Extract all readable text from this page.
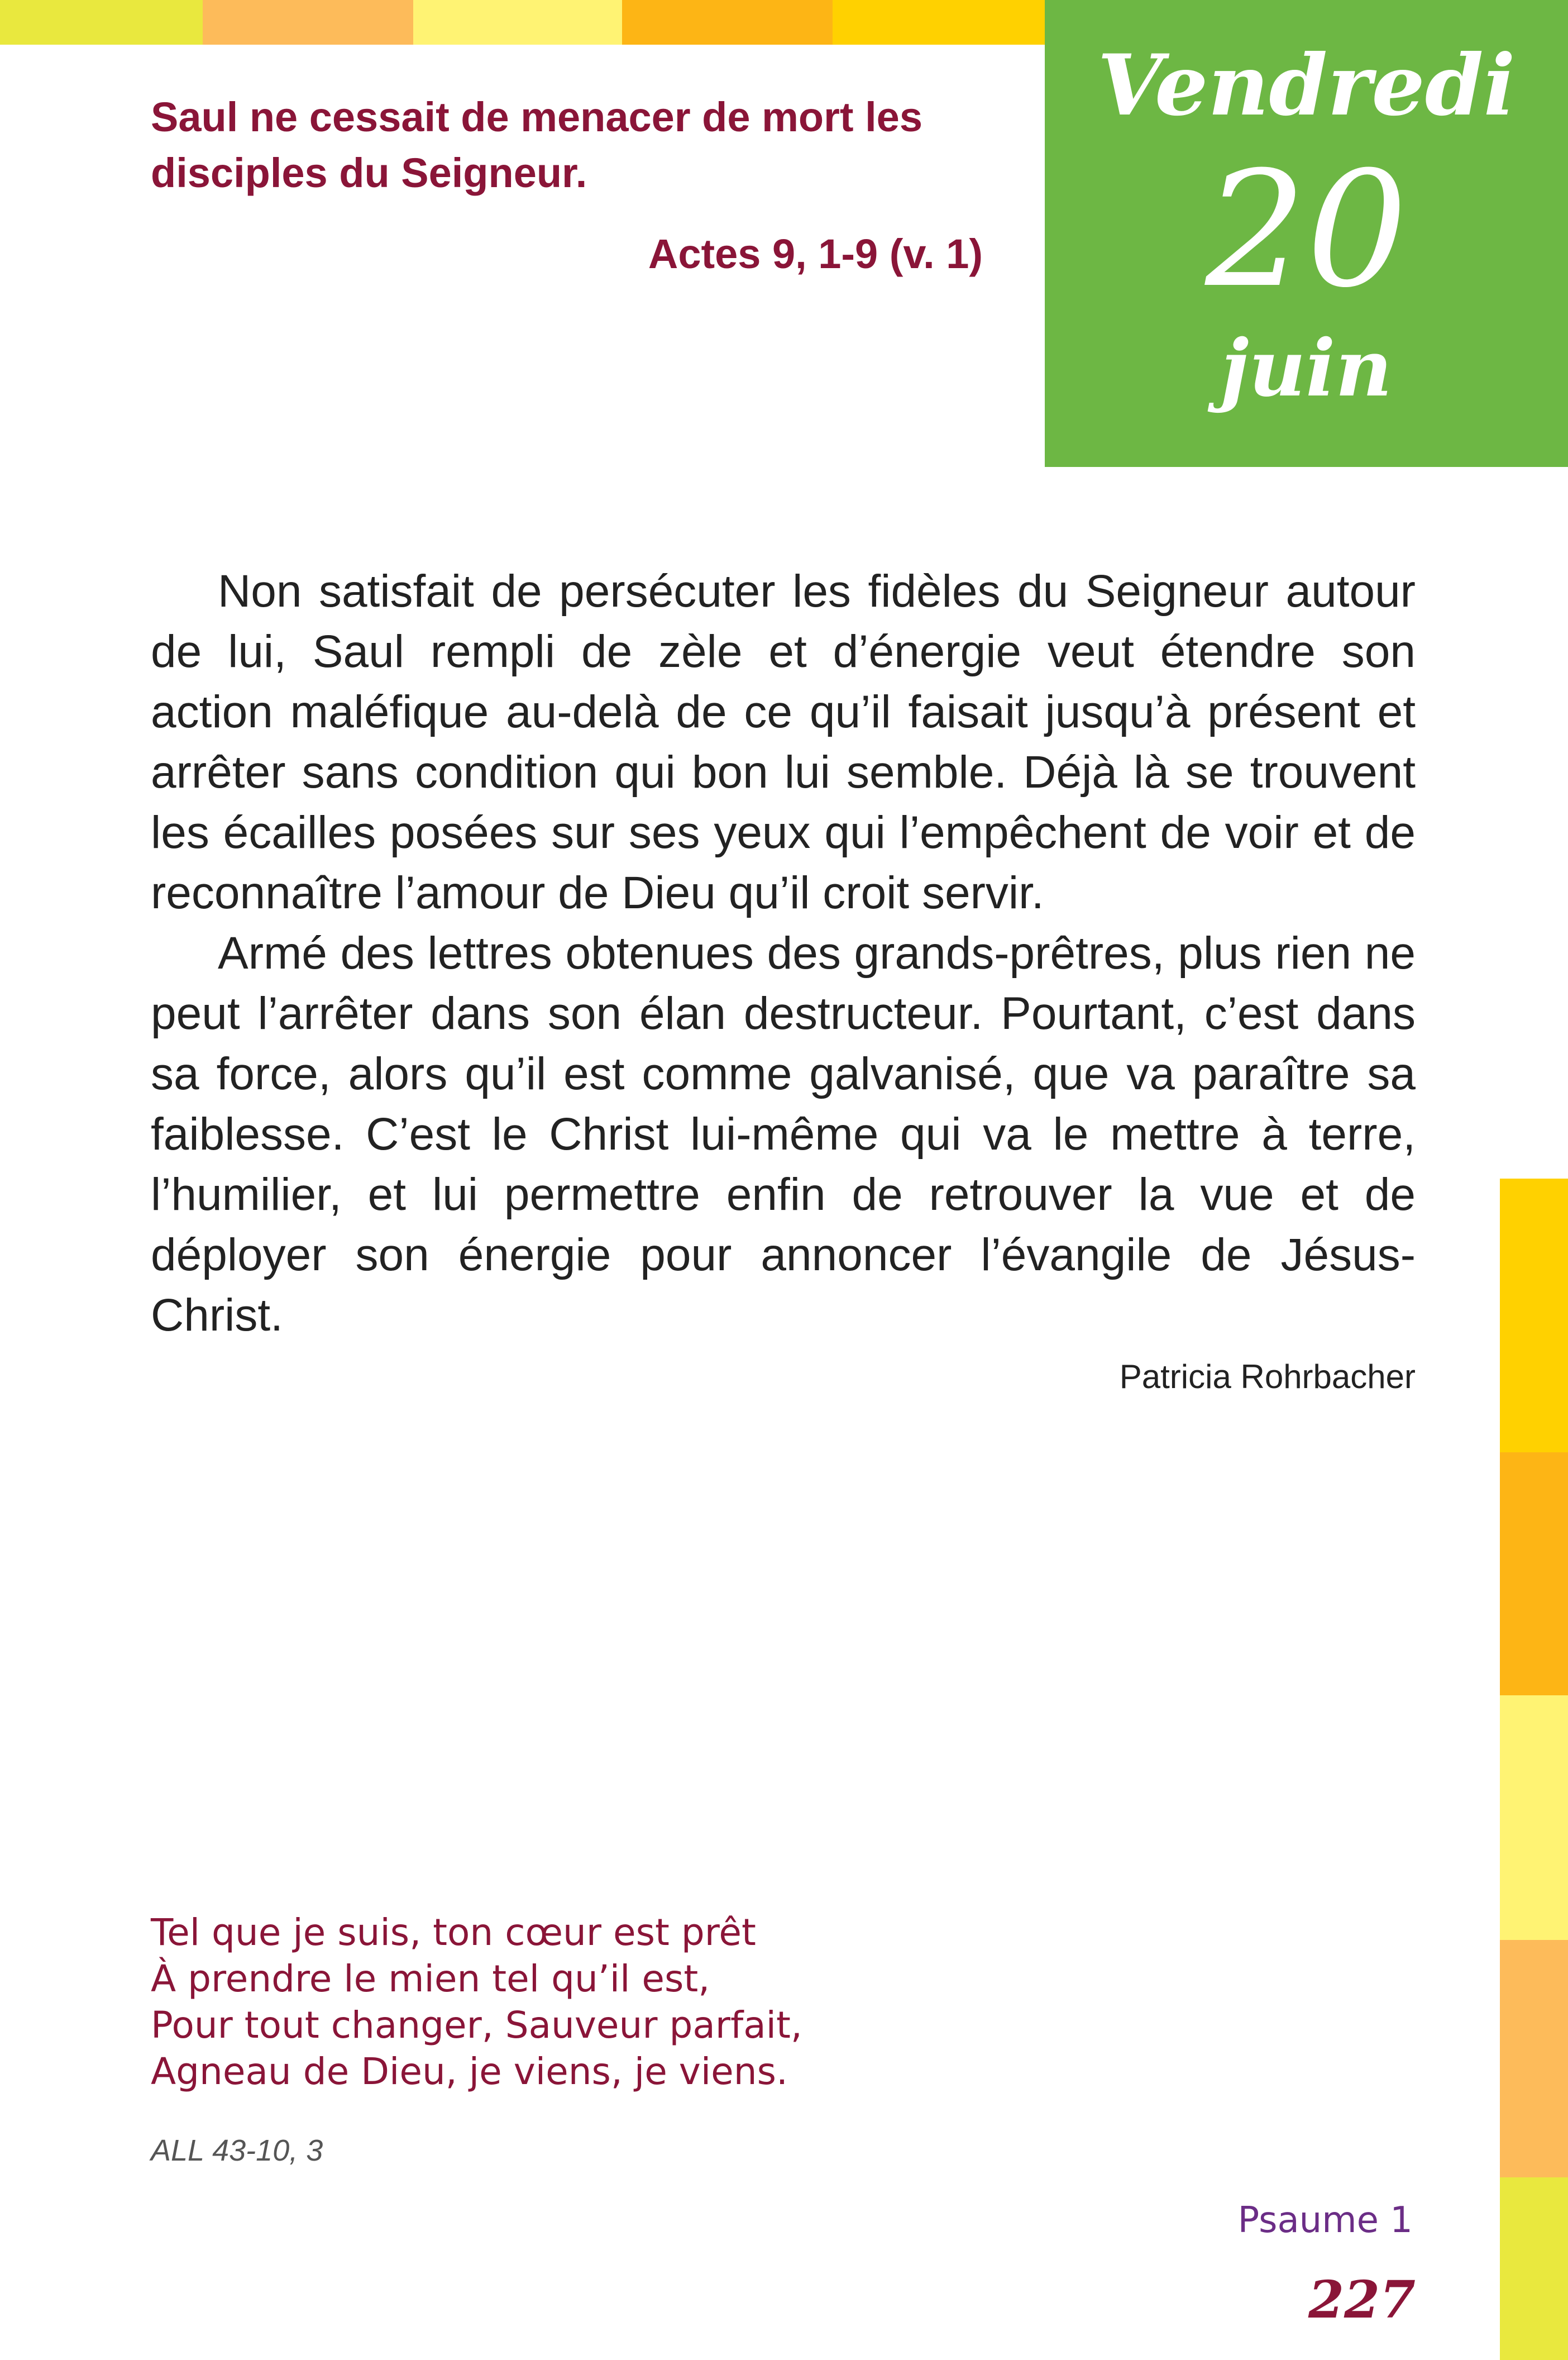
Vendredi
20
juin
Saul ne cessait de menacer de mort les
disciples du Seigneur.
Actes 9, 1-9 (v. 1)

Non satisfait de persécuter les fidèles du Seigneur autour de lui, Saul rempli de zèle et d’énergie veut étendre son action maléfique au-delà de ce qu’il faisait jusqu’à présent et arrêter sans condition qui bon lui semble. Déjà là se trouvent les écailles posées sur ses yeux qui l’empêchent de voir et de reconnaître l’amour de Dieu qu’il croit servir.

Armé des lettres obtenues des grands-prêtres, plus rien ne peut l’arrêter dans son élan destructeur. Pourtant, c’est dans sa force, alors qu’il est comme galvanisé, que va paraître sa faiblesse. C’est le Christ lui-même qui va le mettre à terre, l’humilier, et lui permettre enfin de retrouver la vue et de déployer son énergie pour annoncer l’évangile de Jésus-Christ.

Patricia Rohrbacher
Tel que je suis, ton cœur est prêt
À prendre le mien tel qu’il est,
Pour tout changer, Sauveur parfait,
Agneau de Dieu, je viens, je viens.
ALL 43-10, 3
Psaume 1
227
